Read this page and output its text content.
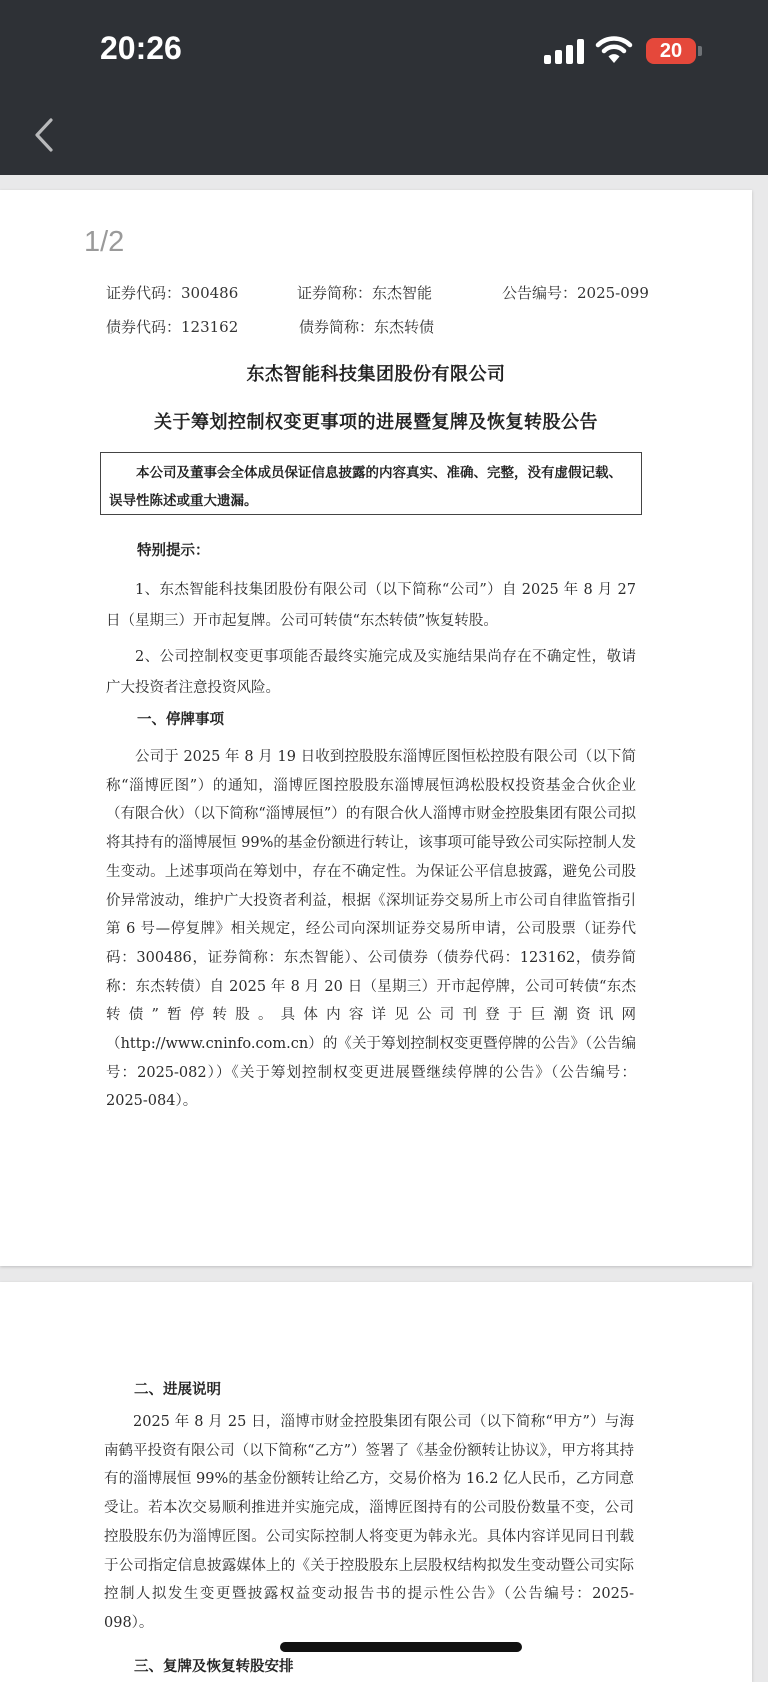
20:26	20
1/2
证券代码：300486	证券简称：东杰智能	公告编号：2025-099
债券代码：123162	债券简称：东杰转债
东杰智能科技集团股份有限公司
关于筹划控制权变更事项的进展暨复牌及恢复转股公告
本公司及董事会全体成员保证信息披露的内容真实、准确、完整，没有虚假记载、误导性陈述或重大遗漏。
特别提示：
1、东杰智能科技集团股份有限公司（以下简称“公司”）自 2025 年 8 月 27 日（星期三）开市起复牌。公司可转债“东杰转债”恢复转股。
2、公司控制权变更事项能否最终实施完成及实施结果尚存在不确定性，敬请广大投资者注意投资风险。
一、停牌事项
公司于 2025 年 8 月 19 日收到控股股东淄博匠图恒松控股有限公司（以下简称“淄博匠图”）的通知，淄博匠图控股股东淄博展恒鸿松股权投资基金合伙企业（有限合伙）（以下简称“淄博展恒”）的有限合伙人淄博市财金控股集团有限公司拟将其持有的淄博展恒 99%的基金份额进行转让，该事项可能导致公司实际控制人发生变动。上述事项尚在筹划中，存在不确定性。为保证公平信息披露，避免公司股价异常波动，维护广大投资者利益，根据《深圳证券交易所上市公司自律监管指引第 6 号—停复牌》相关规定，经公司向深圳证券交易所申请，公司股票（证券代码：300486，证券简称：东杰智能）、公司债券（债券代码：123162，债券简称：东杰转债）自 2025 年 8 月 20 日（星期三）开市起停牌，公司可转债“东杰转债”暂停转股。具体内容详见公司刊登于巨潮资讯网（http://www.cninfo.com.cn）的《关于筹划控制权变更暨停牌的公告》（公告编号：2025-082））《关于筹划控制权变更进展暨继续停牌的公告》（公告编号：2025-084）。
二、进展说明
2025 年 8 月 25 日，淄博市财金控股集团有限公司（以下简称“甲方”）与海南鹤平投资有限公司（以下简称“乙方”）签署了《基金份额转让协议》，甲方将其持有的淄博展恒 99%的基金份额转让给乙方，交易价格为 16.2 亿人民币，乙方同意受让。若本次交易顺利推进并实施完成，淄博匠图持有的公司股份数量不变，公司控股股东仍为淄博匠图。公司实际控制人将变更为韩永光。具体内容详见同日刊载于公司指定信息披露媒体上的《关于控股股东上层股权结构拟发生变动暨公司实际控制人拟发生变更暨披露权益变动报告书的提示性公告》（公告编号：2025-098）。
三、复牌及恢复转股安排
